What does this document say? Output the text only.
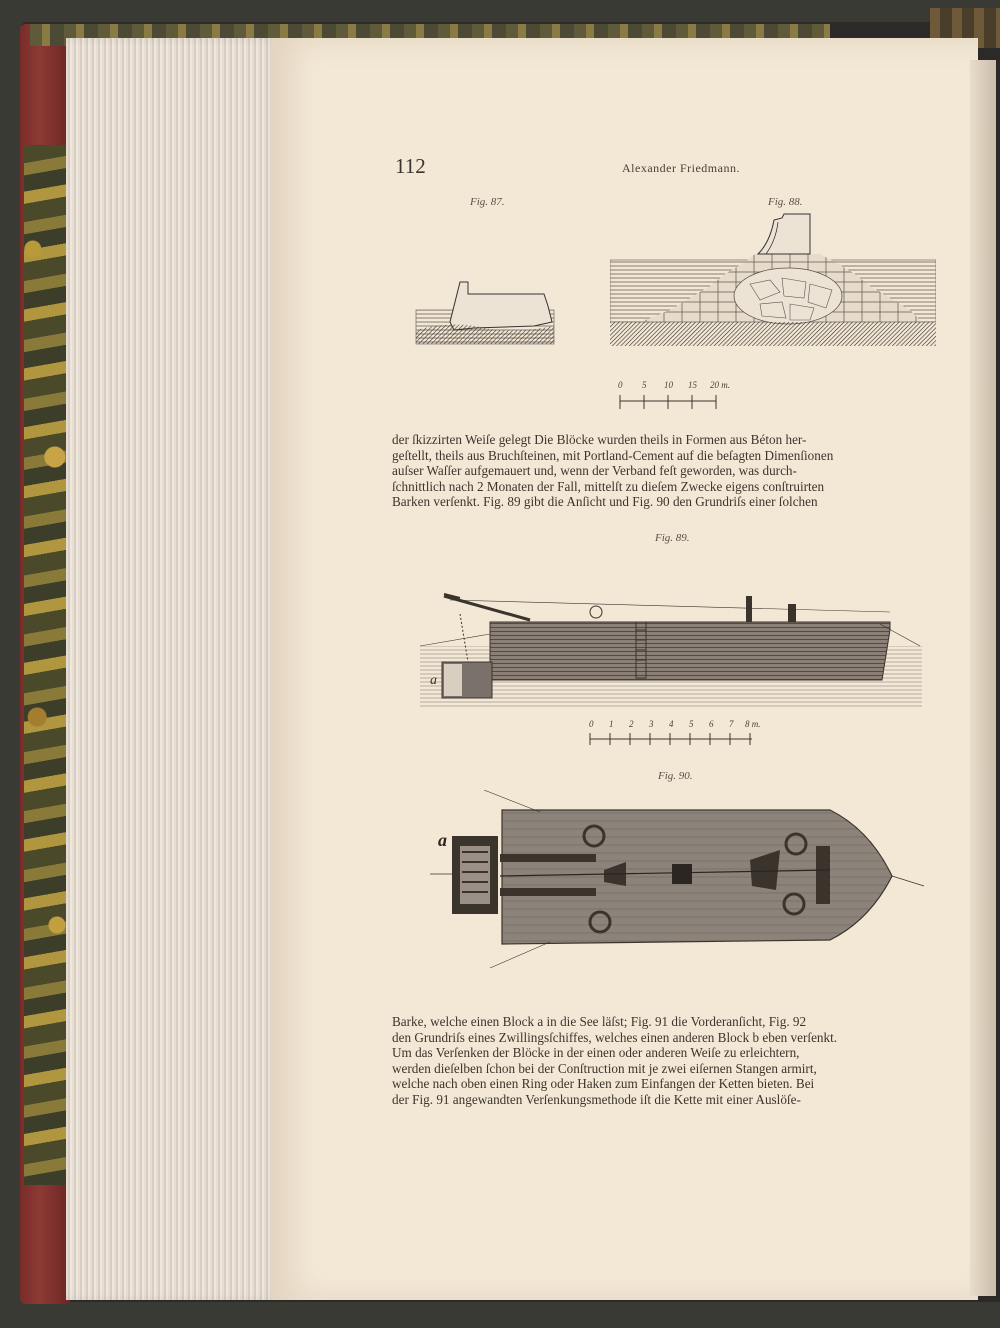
112	Alexander Friedmann.
Fig. 87.	Fig. 88.
0 5 10 15 20 m.

der ſkizzirten Weiſe gelegt Die Blöcke wurden theils in Formen aus Béton her-

geſtellt, theils aus Bruchſteinen, mit Portland-Cement auf die beſagten Dimenſionen

auſser Waſſer aufgemauert und, wenn der Verband feſt geworden, was durch-

ſchnittlich nach 2 Monaten der Fall, mittelſt zu dieſem Zwecke eigens conſtruirten

Barken verſenkt. Fig. 89 gibt die Anſicht und Fig. 90 den Grundriſs einer ſolchen

Fig. 89.
a
0 1 2 3 4 5 6 7 8 m.
Fig. 90.
a

Barke, welche einen Block a in die See läſst; Fig. 91 die Vorderanſicht, Fig. 92

den Grundriſs eines Zwillingsſchiffes, welches einen anderen Block b eben verſenkt.

Um das Verſenken der Blöcke in der einen oder anderen Weiſe zu erleichtern,

werden dieſelben ſchon bei der Conſtruction mit je zwei eiſernen Stangen armirt,

welche nach oben einen Ring oder Haken zum Einfangen der Ketten bieten. Bei

der Fig. 91 angewandten Verſenkungsmethode iſt die Kette mit einer Auslöſe-
